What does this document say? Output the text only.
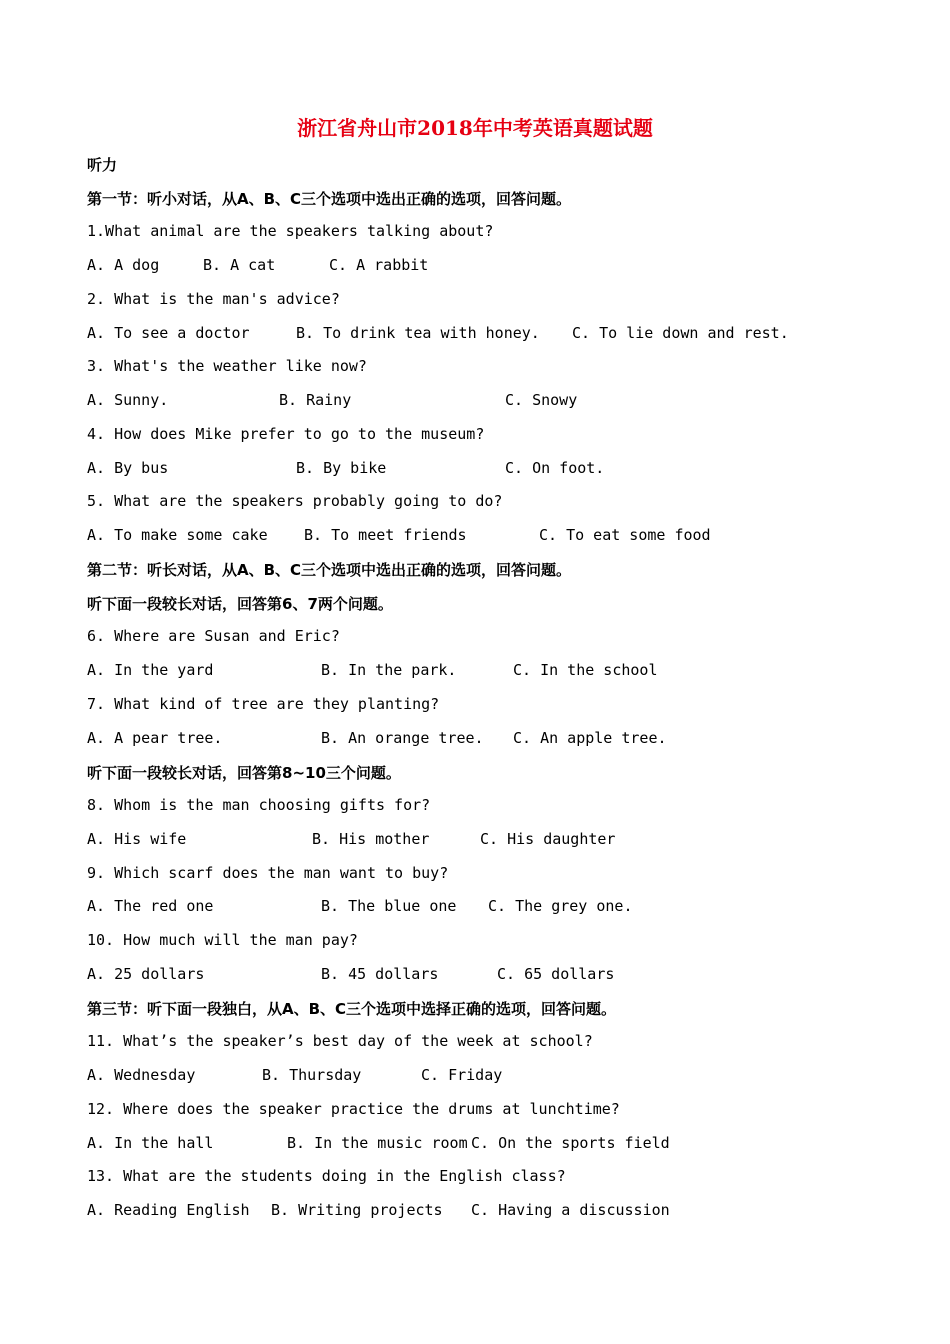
浙江省舟山市2018年中考英语真题试题
听力
第一节：听小对话，从A、B、C三个选项中选出正确的选项，回答问题。
1.What animal are the speakers talking about?
A. A dog	B. A cat	C. A rabbit
2. What is the man's advice?
A. To see a doctor	B. To drink tea with honey. C. To lie down and rest.
3. What's the weather like now?
A. Sunny.	B. Rainy	C. Snowy
4. How does Mike prefer to go to the museum?
A. By bus	B. By bike	C. On foot.
5. What are the speakers probably going to do?
A. To make some cake B. To meet friends	C. To eat some food
第二节：听长对话，从A、B、C三个选项中选出正确的选项，回答问题。
听下面一段较长对话，回答第6、7两个问题。
6. Where are Susan and Eric?
A. In the yard	B. In the park.	C. In the school
7. What kind of tree are they planting?
A. A pear tree.	B. An orange tree. C. An apple tree.
听下面一段较长对话，回答第8~10三个问题。
8. Whom is the man choosing gifts for?
A. His wife	B. His mother	C. His daughter
9. Which scarf does the man want to buy?
A. The red one	B. The blue one C. The grey one.
10. How much will the man pay?
A. 25 dollars	B. 45 dollars	C. 65 dollars
第三节：听下面一段独白，从A、B、C三个选项中选择正确的选项，回答问题。
11. What’s the speaker’s best day of the week at school?
A. Wednesday	B. Thursday	C. Friday
12. Where does the speaker practice the drums at lunchtime?
A. In the hall	B. In the music room C. On the sports field
13. What are the students doing in the English class?
A. Reading English B. Writing projects C. Having a discussion
